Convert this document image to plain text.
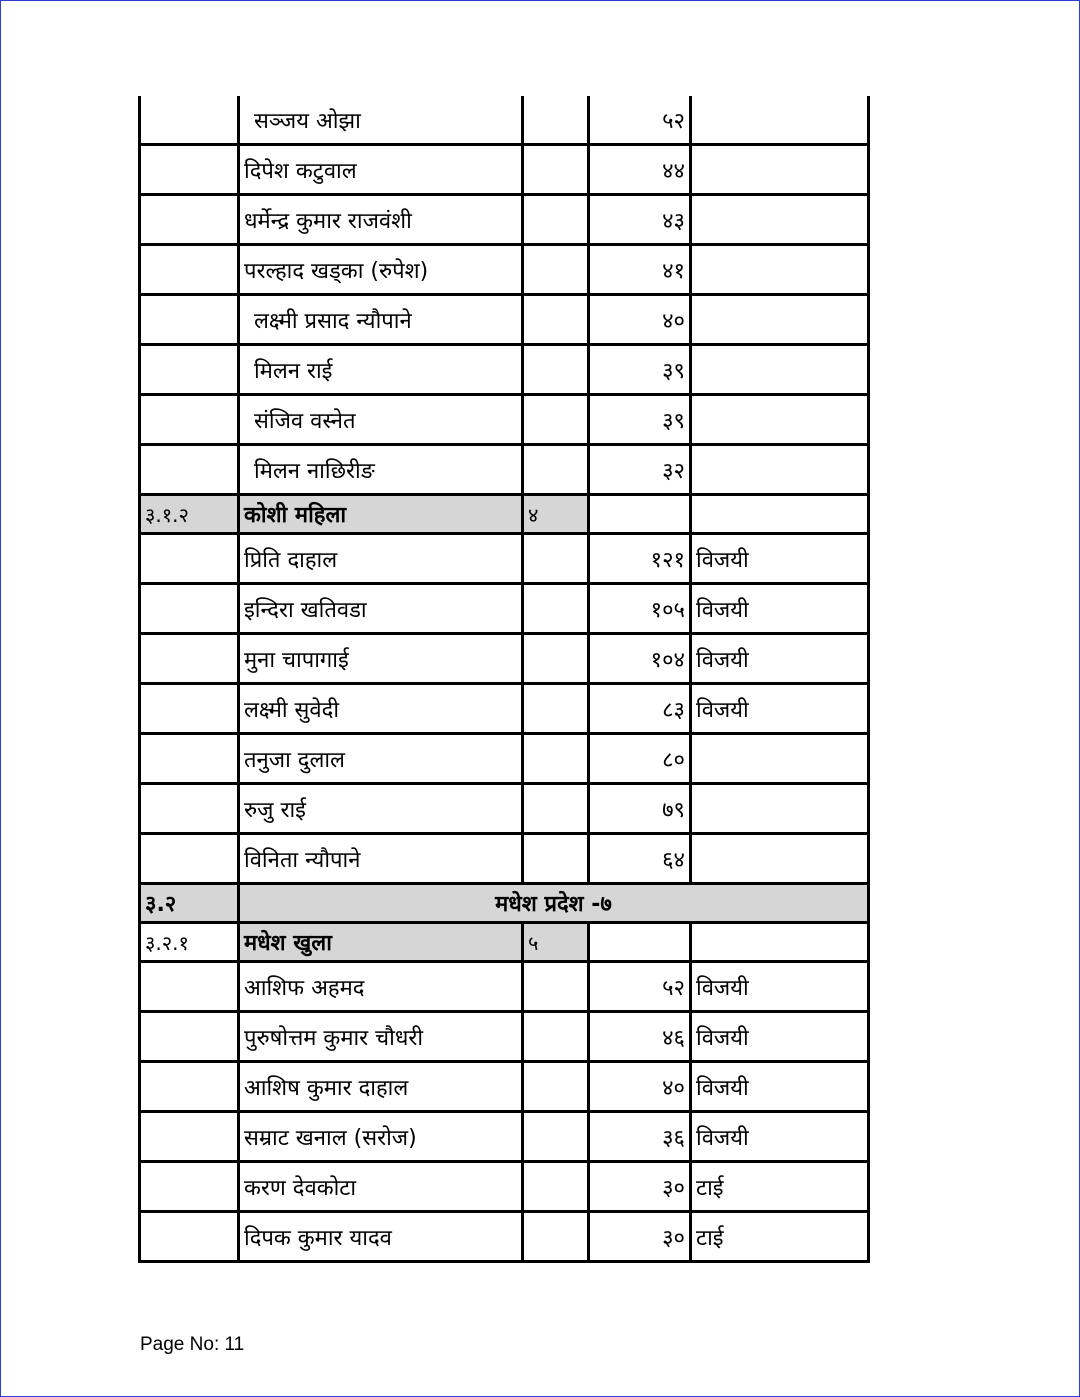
	सञ्जय ओझा		५२	
	दिपेश कटुवाल		४४	
	धर्मेन्द्र कुमार राजवंशी		४३	
	परल्हाद खड्का (रुपेश)		४१	
	लक्ष्मी प्रसाद न्यौपाने		४०	
	मिलन राई		३९	
	संजिव वस्नेत		३९	
	मिलन नाछिरीङ		३२	
३.१.२	कोशी महिला	४		
	प्रिति दाहाल		१२१	विजयी
	इन्दिरा खतिवडा		१०५	विजयी
	मुना चापागाई		१०४	विजयी
	लक्ष्मी सुवेदी		८३	विजयी
	तनुजा दुलाल		८०	
	रुजु राई		७९	
	विनिता न्यौपाने		६४	
३.२	मधेश प्रदेश -७			
३.२.१	मधेश खुला	५		
	आशिफ अहमद		५२	विजयी
	पुरुषोत्तम कुमार चौधरी		४६	विजयी
	आशिष कुमार दाहाल		४०	विजयी
	सम्राट खनाल (सरोज)		३६	विजयी
	करण देवकोटा		३०	टाई
	दिपक कुमार यादव		३०	टाई
Page No: 11
